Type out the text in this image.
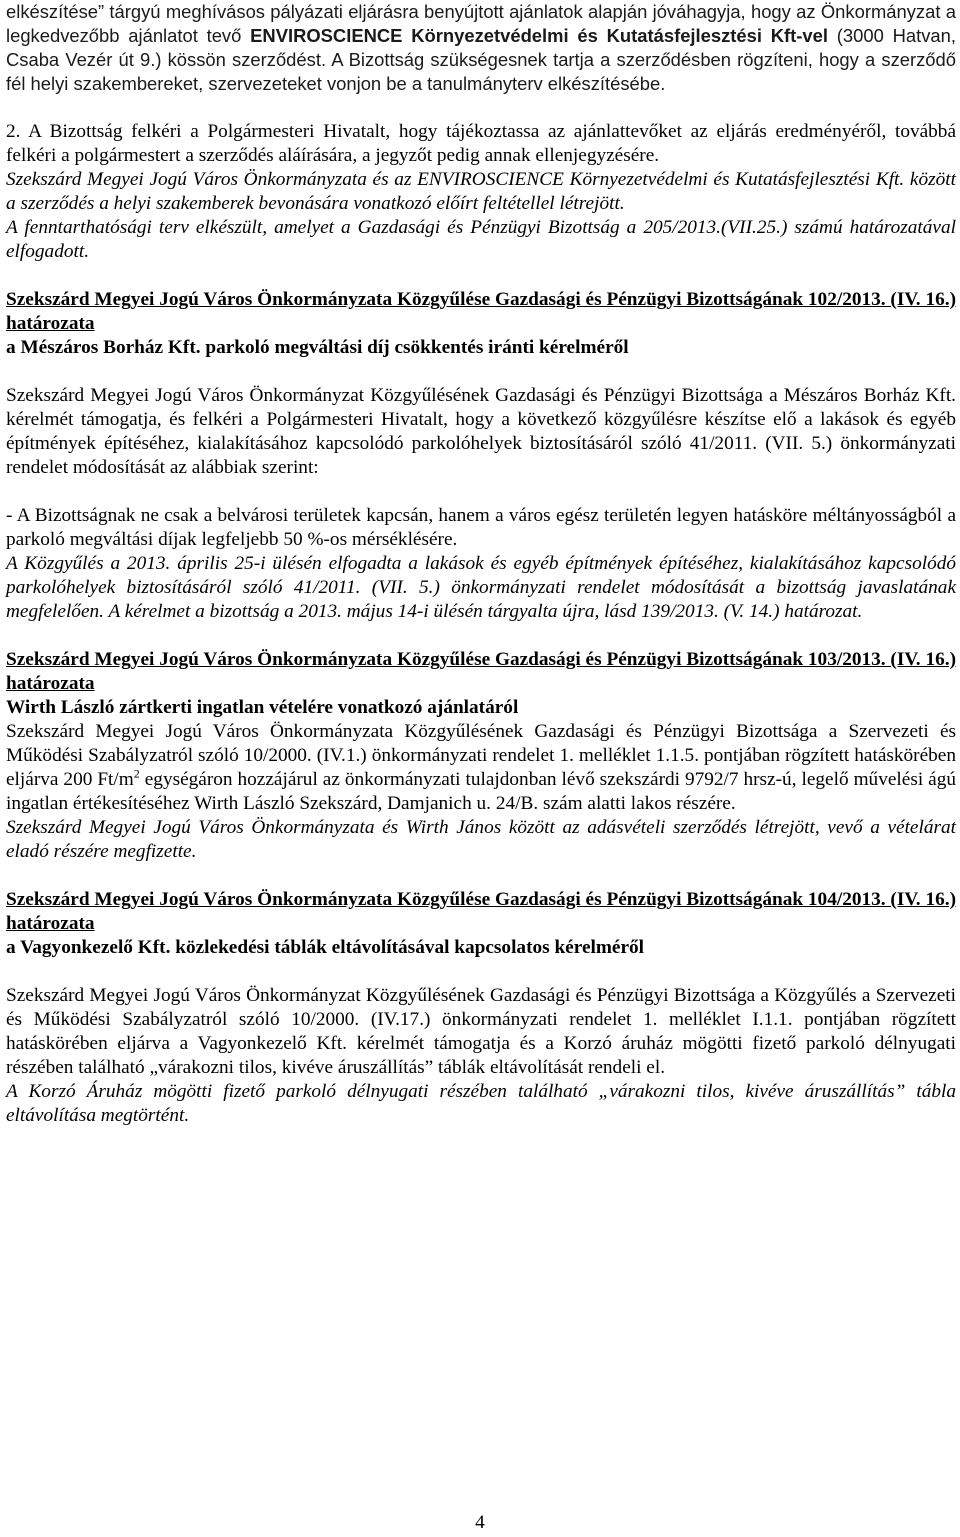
elkészítése” tárgyú meghívásos pályázati eljárásra benyújtott ajánlatok alapján jóváhagyja, hogy az Önkormányzat a legkedvezőbb ajánlatot tevő ENVIROSCIENCE Környezetvédelmi és Kutatásfejlesztési Kft-vel (3000 Hatvan, Csaba Vezér út 9.) kössön szerződést. A Bizottság szükségesnek tartja a szerződésben rögzíteni, hogy a szerződő fél helyi szakembereket, szervezeteket vonjon be a tanulmányterv elkészítésébe.

2. A Bizottság felkéri a Polgármesteri Hivatalt, hogy tájékoztassa az ajánlattevőket az eljárás eredményéről, továbbá felkéri a polgármestert a szerződés aláírására, a jegyzőt pedig annak ellenjegyzésére.

Szekszárd Megyei Jogú Város Önkormányzata és az ENVIROSCIENCE Környezetvédelmi és Kutatásfejlesztési Kft. között a szerződés a helyi szakemberek bevonására vonatkozó előírt feltétellel létrejött.

A fenntarthatósági terv elkészült, amelyet a Gazdasági és Pénzügyi Bizottság a 205/2013.(VII.25.) számú határozatával elfogadott.

Szekszárd Megyei Jogú Város Önkormányzata Közgyűlése Gazdasági és Pénzügyi Bizottságának 102/2013. (IV. 16.) határozata

a Mészáros Borház Kft. parkoló megváltási díj csökkentés iránti kérelméről

Szekszárd Megyei Jogú Város Önkormányzat Közgyűlésének Gazdasági és Pénzügyi Bizottsága a Mészáros Borház Kft. kérelmét támogatja, és felkéri a Polgármesteri Hivatalt, hogy a következő közgyűlésre készítse elő a lakások és egyéb építmények építéséhez, kialakításához kapcsolódó parkolóhelyek biztosításáról szóló 41/2011. (VII. 5.) önkormányzati rendelet módosítását az alábbiak szerint:

- A Bizottságnak ne csak a belvárosi területek kapcsán, hanem a város egész területén legyen hatásköre méltányosságból a parkoló megváltási díjak legfeljebb 50 %-os mérséklésére.

A Közgyűlés a 2013. április 25-i ülésén elfogadta a lakások és egyéb építmények építéséhez, kialakításához kapcsolódó parkolóhelyek biztosításáról szóló 41/2011. (VII. 5.) önkormányzati rendelet módosítását a bizottság javaslatának megfelelően. A kérelmet a bizottság a 2013. május 14-i ülésén tárgyalta újra, lásd 139/2013. (V. 14.) határozat.

Szekszárd Megyei Jogú Város Önkormányzata Közgyűlése Gazdasági és Pénzügyi Bizottságának 103/2013. (IV. 16.) határozata

Wirth László zártkerti ingatlan vételére vonatkozó ajánlatáról

Szekszárd Megyei Jogú Város Önkormányzata Közgyűlésének Gazdasági és Pénzügyi Bizottsága a Szervezeti és Működési Szabályzatról szóló 10/2000. (IV.1.) önkormányzati rendelet 1. melléklet 1.1.5. pontjában rögzített hatáskörében eljárva 200 $Ft/m^2$ egységáron hozzájárul az önkormányzati tulajdonban lévő szekszárdi 9792/7 hrsz-ú, legelő művelési ágú ingatlan értékesítéséhez Wirth László Szekszárd, Damjanich u. 24/B. szám alatti lakos részére.

Szekszárd Megyei Jogú Város Önkormányzata és Wirth János között az adásvételi szerződés létrejött, vevő a vételárat eladó részére megfizette.

Szekszárd Megyei Jogú Város Önkormányzata Közgyűlése Gazdasági és Pénzügyi Bizottságának 104/2013. (IV. 16.) határozata

a Vagyonkezelő Kft. közlekedési táblák eltávolításával kapcsolatos kérelméről

Szekszárd Megyei Jogú Város Önkormányzat Közgyűlésének Gazdasági és Pénzügyi Bizottsága a Közgyűlés a Szervezeti és Működési Szabályzatról szóló 10/2000. (IV.17.) önkormányzati rendelet 1. melléklet I.1.1. pontjában rögzített hatáskörében eljárva a Vagyonkezelő Kft. kérelmét támogatja és a Korzó áruház mögötti fizető parkoló délnyugati részében található „várakozni tilos, kivéve áruszállítás” táblák eltávolítását rendeli el.

A Korzó Áruház mögötti fizető parkoló délnyugati részében található „várakozni tilos, kivéve áruszállítás” tábla eltávolítása megtörtént.

4
